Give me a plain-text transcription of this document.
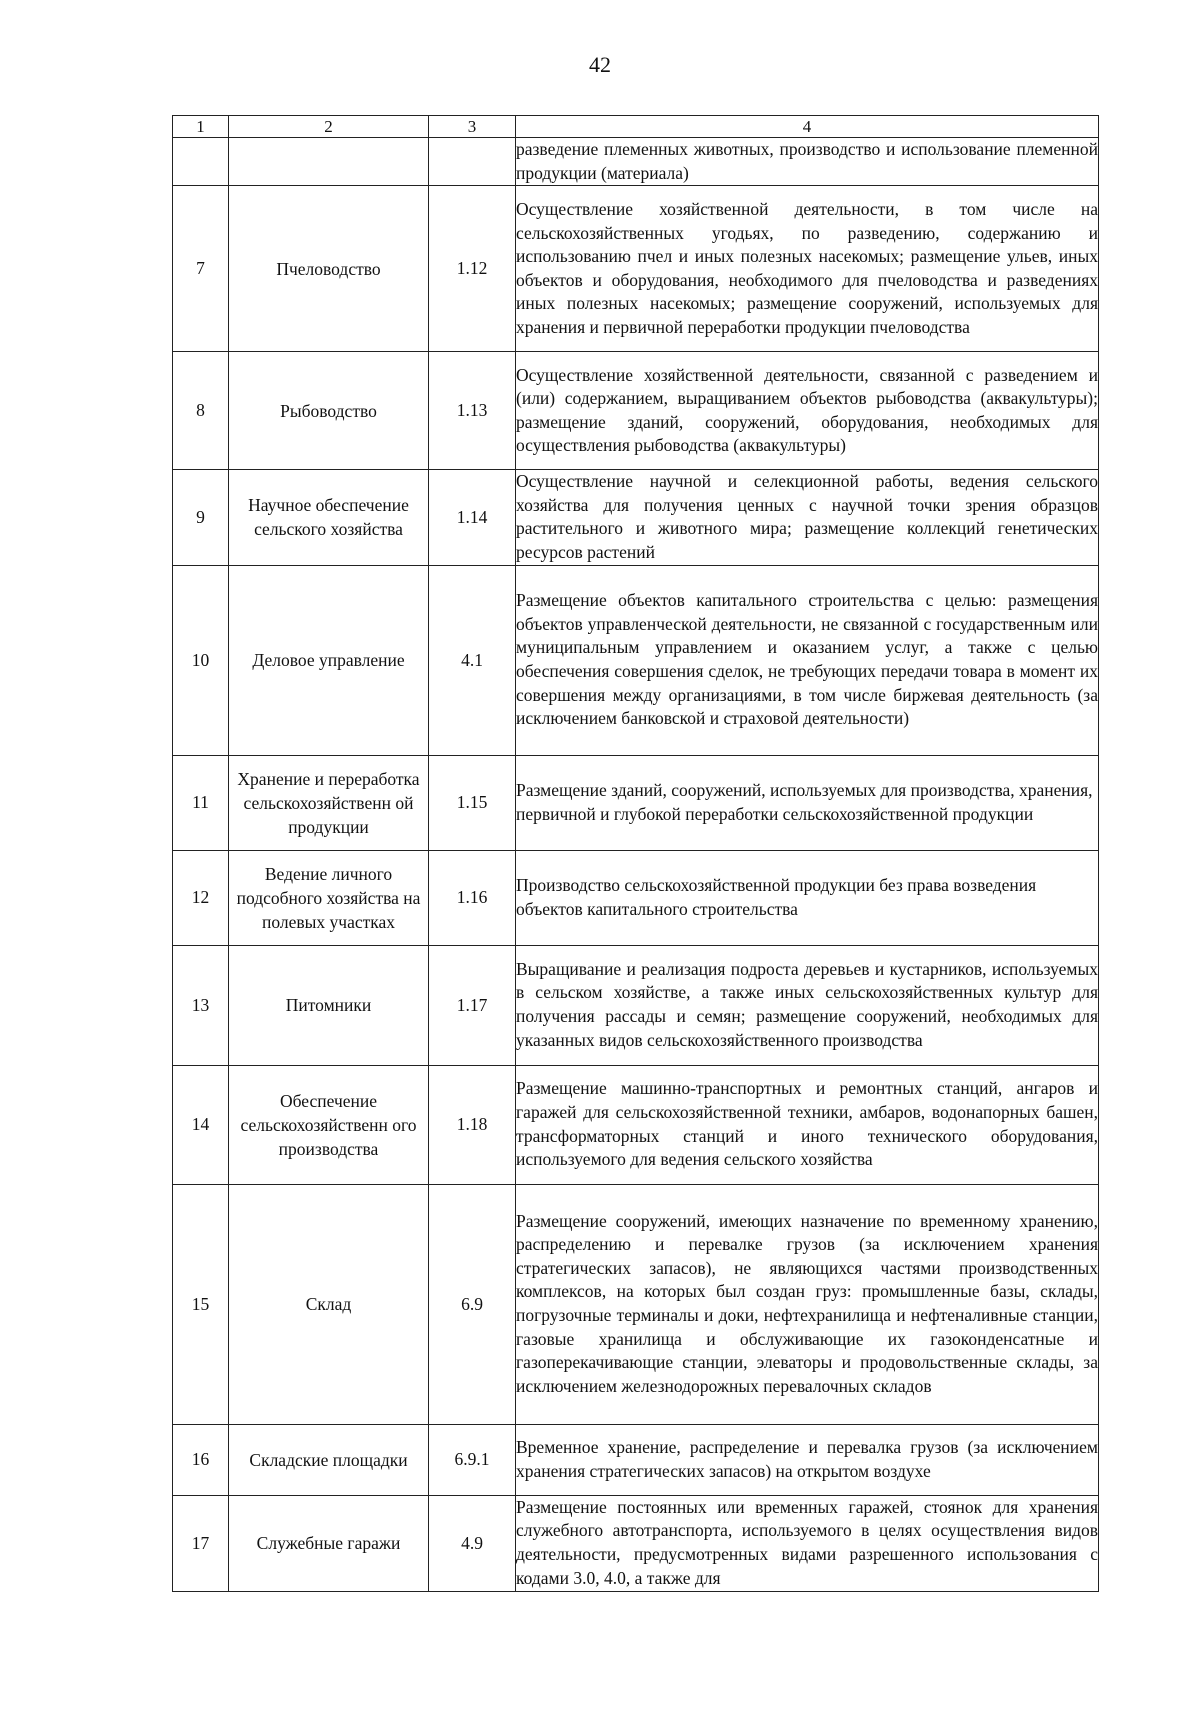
42
1	2	3	4

			разведение племенных животных, производство и использование племенной продукции (материала)

7	Пчеловодство	1.12	Осуществление хозяйственной деятельности, в том числе на сельскохозяйственных угодьях, по разведению, содержанию и использованию пчел и иных полезных насекомых; размещение ульев, иных объектов и оборудования, необходимого для пчеловодства и разведениях иных полезных насекомых; размещение сооружений, используемых для хранения и первичной переработки продукции пчеловодства

8	Рыбоводство	1.13	Осуществление хозяйственной деятельности, связанной с разведением и (или) содержанием, выращиванием объектов рыбоводства (аквакультуры); размещение зданий, сооружений, оборудования, необходимых для осуществления рыбоводства (аквакультуры)

9	Научное обеспечение сельского хозяйства	1.14	Осуществление научной и селекционной работы, ведения сельского хозяйства для получения ценных с научной точки зрения образцов растительного и животного мира; размещение коллекций генетических ресурсов растений

10	Деловое управление	4.1	Размещение объектов капитального строительства с целью: размещения объектов управленческой деятельности, не связанной с государственным или муниципальным управлением и оказанием услуг, а также с целью обеспечения совершения сделок, не требующих передачи товара в момент их совершения между организациями, в том числе биржевая деятельность (за исключением банковской и страховой деятельности)

11	Хранение и переработка сельскохозяйственн ой продукции	1.15	Размещение зданий, сооружений, используемых для производства, хранения, первичной и глубокой переработки сельскохозяйственной продукции

12	Ведение личного подсобного хозяйства на полевых участках	1.16	Производство сельскохозяйственной продукции без права возведения объектов капитального строительства

13	Питомники	1.17	Выращивание и реализация подроста деревьев и кустарников, используемых в сельском хозяйстве, а также иных сельскохозяйственных культур для получения рассады и семян; размещение сооружений, необходимых для указанных видов сельскохозяйственного производства

14	Обеспечение сельскохозяйственн ого производства	1.18	Размещение машинно-транспортных и ремонтных станций, ангаров и гаражей для сельскохозяйственной техники, амбаров, водонапорных башен, трансформаторных станций и иного технического оборудования, используемого для ведения сельского хозяйства

15	Склад	6.9	Размещение сооружений, имеющих назначение по временному хранению, распределению и перевалке грузов (за исключением хранения стратегических запасов), не являющихся частями производственных комплексов, на которых был создан груз: промышленные базы, склады, погрузочные терминалы и доки, нефтехранилища и нефтеналивные станции, газовые хранилища и обслуживающие их газоконденсатные и газоперекачивающие станции, элеваторы и продовольственные склады, за исключением железнодорожных перевалочных складов

16	Складские площадки	6.9.1	Временное хранение, распределение и перевалка грузов (за исключением хранения стратегических запасов) на открытом воздухе

17	Служебные гаражи	4.9	Размещение постоянных или временных гаражей, стоянок для хранения служебного автотранспорта, используемого в целях осуществления видов деятельности, предусмотренных видами разрешенного использования с кодами 3.0, 4.0, а также для
